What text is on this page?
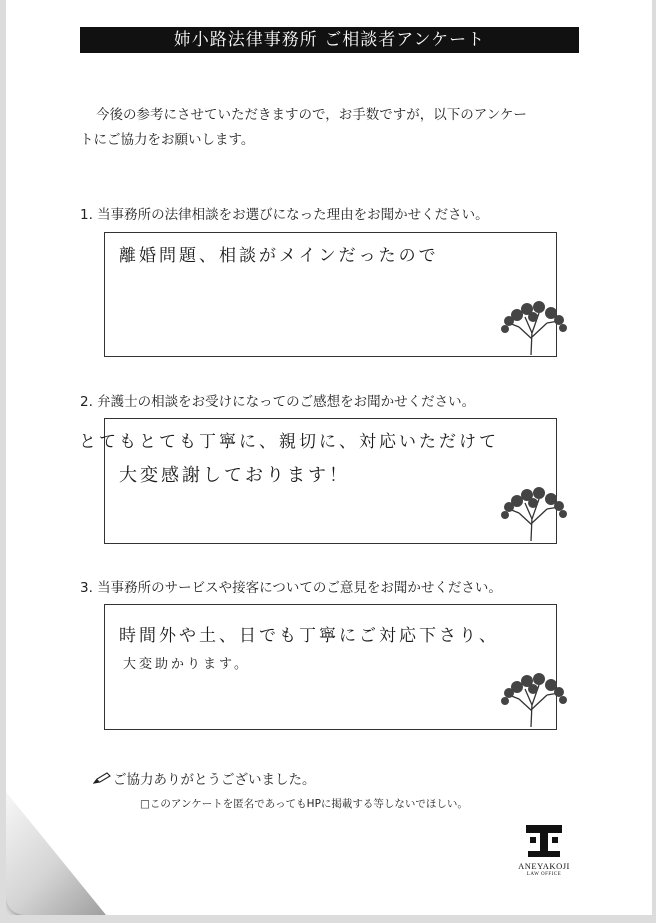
姉小路法律事務所 ご相談者アンケート
今後の参考にさせていただきますので，お手数ですが，以下のアンケー
トにご協力をお願いします。
1. 当事務所の法律相談をお選びになった理由をお聞かせください。
離婚問題、相談がメインだったので
2. 弁護士の相談をお受けになってのご感想をお聞かせください。
とてもとても丁寧に、親切に、対応いただけて
大変感謝しております！
3. 当事務所のサービスや接客についてのご意見をお聞かせください。
時間外や土、日でも丁寧にご対応下さり、
大変助かります。
ご協力ありがとうございました。
□このアンケートを匿名であってもHPに掲載する等しないでほしい。
ANEYAKOJI
LAW OFFICE
